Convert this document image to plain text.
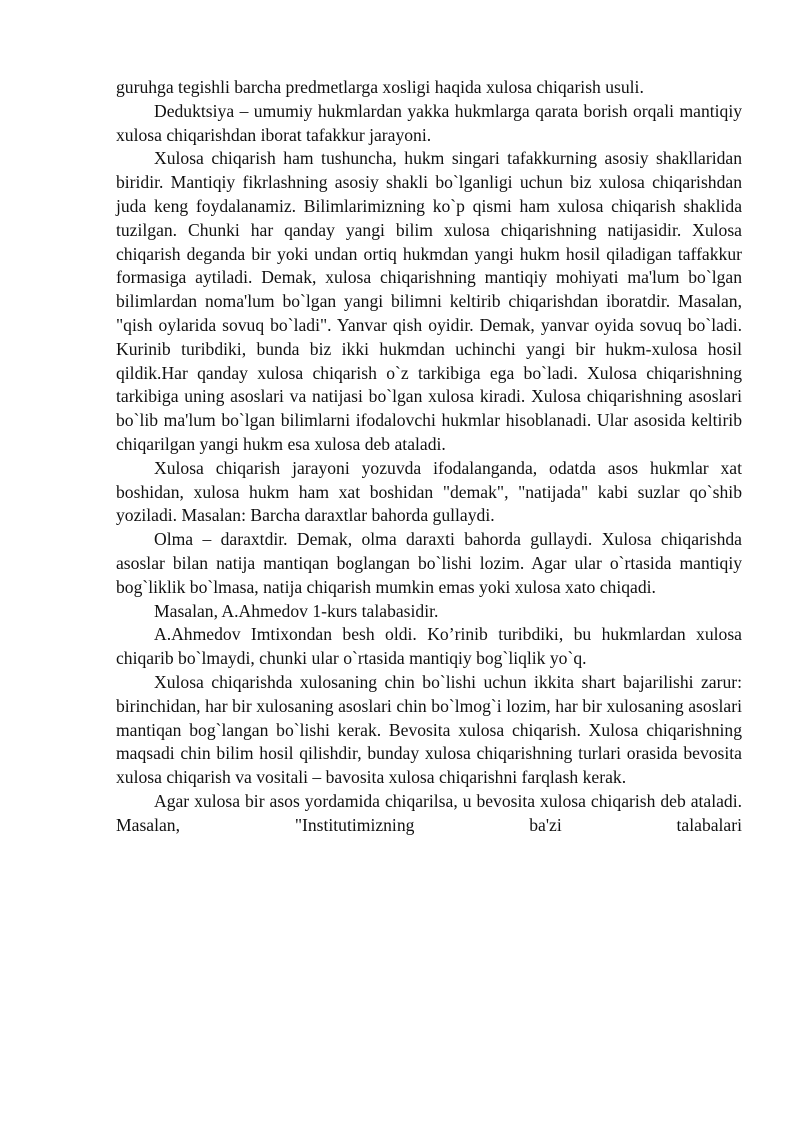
guruhga tegishli barcha predmetlarga xosligi haqida xulosa chiqarish usuli.

Deduktsiya – umumiy hukmlardan yakka hukmlarga qarata borish orqali mantiqiy xulosa chiqarishdan iborat tafakkur jarayoni.

Xulosa chiqarish ham tushuncha, hukm singari tafakkurning asosiy shakllaridan biridir. Mantiqiy fikrlashning asosiy shakli bo`lganligi uchun biz xulosa chiqarishdan juda keng foydalanamiz. Bilimlarimizning ko`p qismi ham xulosa chiqarish shaklida tuzilgan. Chunki har qanday yangi bilim xulosa chiqarishning natijasidir. Xulosa chiqarish deganda bir yoki undan ortiq hukmdan yangi hukm hosil qiladigan taffakkur formasiga aytiladi. Demak, xulosa chiqarishning mantiqiy mohiyati ma'lum bo`lgan bilimlardan noma'lum bo`lgan yangi bilimni keltirib chiqarishdan iboratdir. Masalan, "qish oylarida sovuq bo`ladi". Yanvar qish oyidir. Demak, yanvar oyida sovuq bo`ladi. Kurinib turibdiki, bunda biz ikki hukmdan uchinchi yangi bir hukm-xulosa hosil qildik.Har qanday xulosa chiqarish o`z tarkibiga ega bo`ladi. Xulosa chiqarishning tarkibiga uning asoslari va natijasi bo`lgan xulosa kiradi. Xulosa chiqarishning asoslari bo`lib ma'lum bo`lgan bilimlarni ifodalovchi hukmlar hisoblanadi. Ular asosida keltirib chiqarilgan yangi hukm esa xulosa deb ataladi.

Xulosa chiqarish jarayoni yozuvda ifodalanganda, odatda asos hukmlar xat boshidan, xulosa hukm ham xat boshidan "demak", "natijada" kabi suzlar qo`shib yoziladi. Masalan: Barcha daraxtlar bahorda gullaydi.

Olma – daraxtdir. Demak, olma daraxti bahorda gullaydi. Xulosa chiqarishda asoslar bilan natija mantiqan boglangan bo`lishi lozim. Agar ular o`rtasida mantiqiy bog`liklik bo`lmasa, natija chiqarish mumkin emas yoki xulosa xato chiqadi.

Masalan, A.Ahmedov 1-kurs talabasidir.

A.Ahmedov Imtixondan besh oldi. Ko’rinib turibdiki, bu hukmlardan xulosa chiqarib bo`lmaydi, chunki ular o`rtasida mantiqiy bog`liqlik yo`q.

Xulosa chiqarishda xulosaning chin bo`lishi uchun ikkita shart bajarilishi zarur: birinchidan, har bir xulosaning asoslari chin bo`lmog`i lozim, har bir xulosaning asoslari mantiqan bog`langan bo`lishi kerak. Bevosita xulosa chiqarish. Xulosa chiqarishning maqsadi chin bilim hosil qilishdir, bunday xulosa chiqarishning turlari orasida bevosita xulosa chiqarish va vositali – bavosita xulosa chiqarishni farqlash kerak.

Agar xulosa bir asos yordamida chiqarilsa, u bevosita xulosa chiqarish deb ataladi. Masalan, "Institutimizning ba'zi talabalari
